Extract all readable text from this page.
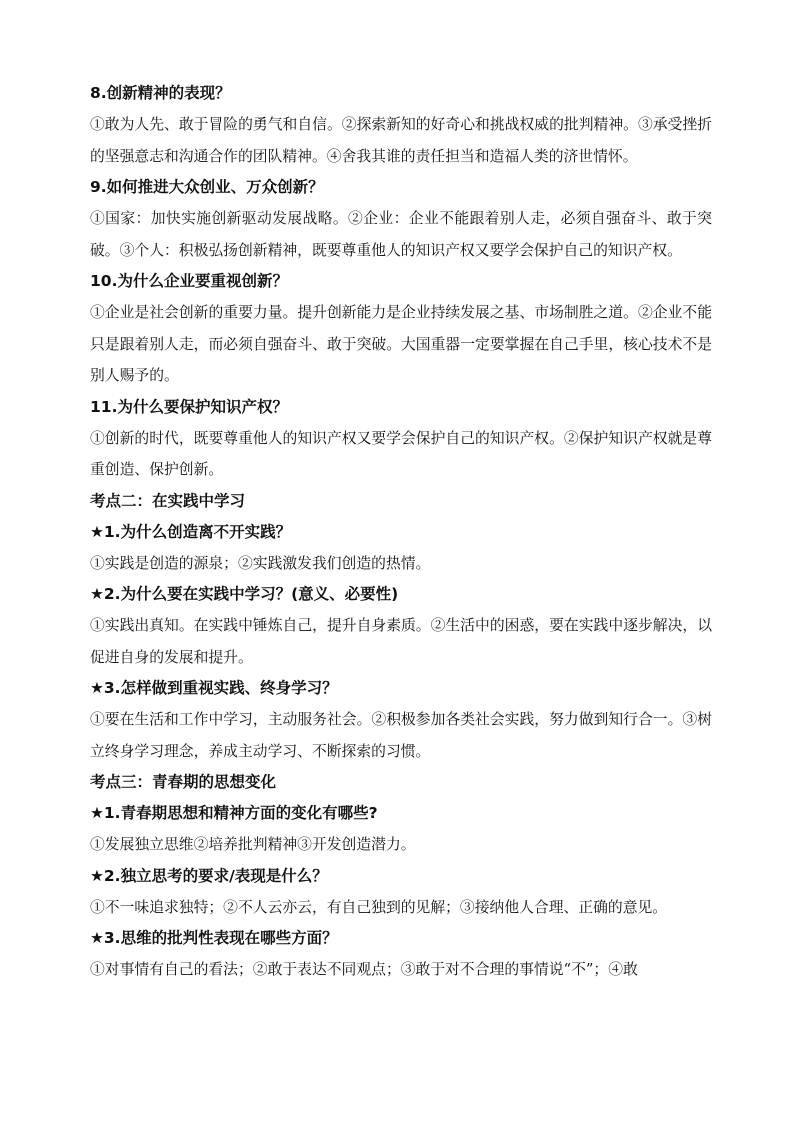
8.创新精神的表现？

①敢为人先、敢于冒险的勇气和自信。②探索新知的好奇心和挑战权威的批判精神。③承受挫折的坚强意志和沟通合作的团队精神。④舍我其谁的责任担当和造福人类的济世情怀。

9.如何推进大众创业、万众创新？

①国家：加快实施创新驱动发展战略。②企业：企业不能跟着别人走，必须自强奋斗、敢于突破。③个人：积极弘扬创新精神，既要尊重他人的知识产权又要学会保护自己的知识产权。

10.为什么企业要重视创新？

①企业是社会创新的重要力量。提升创新能力是企业持续发展之基、市场制胜之道。②企业不能只是跟着别人走，而必须自强奋斗、敢于突破。大国重器一定要掌握在自己手里，核心技术不是别人赐予的。

11.为什么要保护知识产权？

①创新的时代，既要尊重他人的知识产权又要学会保护自己的知识产权。②保护知识产权就是尊重创造、保护创新。

考点二：在实践中学习

★1.为什么创造离不开实践？

①实践是创造的源泉；②实践激发我们创造的热情。

★2.为什么要在实践中学习？(意义、必要性)

①实践出真知。在实践中锤炼自己，提升自身素质。②生活中的困惑，要在实践中逐步解决，以促进自身的发展和提升。

★3.怎样做到重视实践、终身学习？

①要在生活和工作中学习，主动服务社会。②积极参加各类社会实践，努力做到知行合一。③树立终身学习理念，养成主动学习、不断探索的习惯。

考点三：青春期的思想变化

★1.青春期思想和精神方面的变化有哪些?

①发展独立思维②培养批判精神③开发创造潜力。

★2.独立思考的要求/表现是什么？

①不一味追求独特；②不人云亦云，有自己独到的见解；③接纳他人合理、正确的意见。

★3.思维的批判性表现在哪些方面？

①对事情有自己的看法；②敢于表达不同观点；③敢于对不合理的事情说“不”；④敢
